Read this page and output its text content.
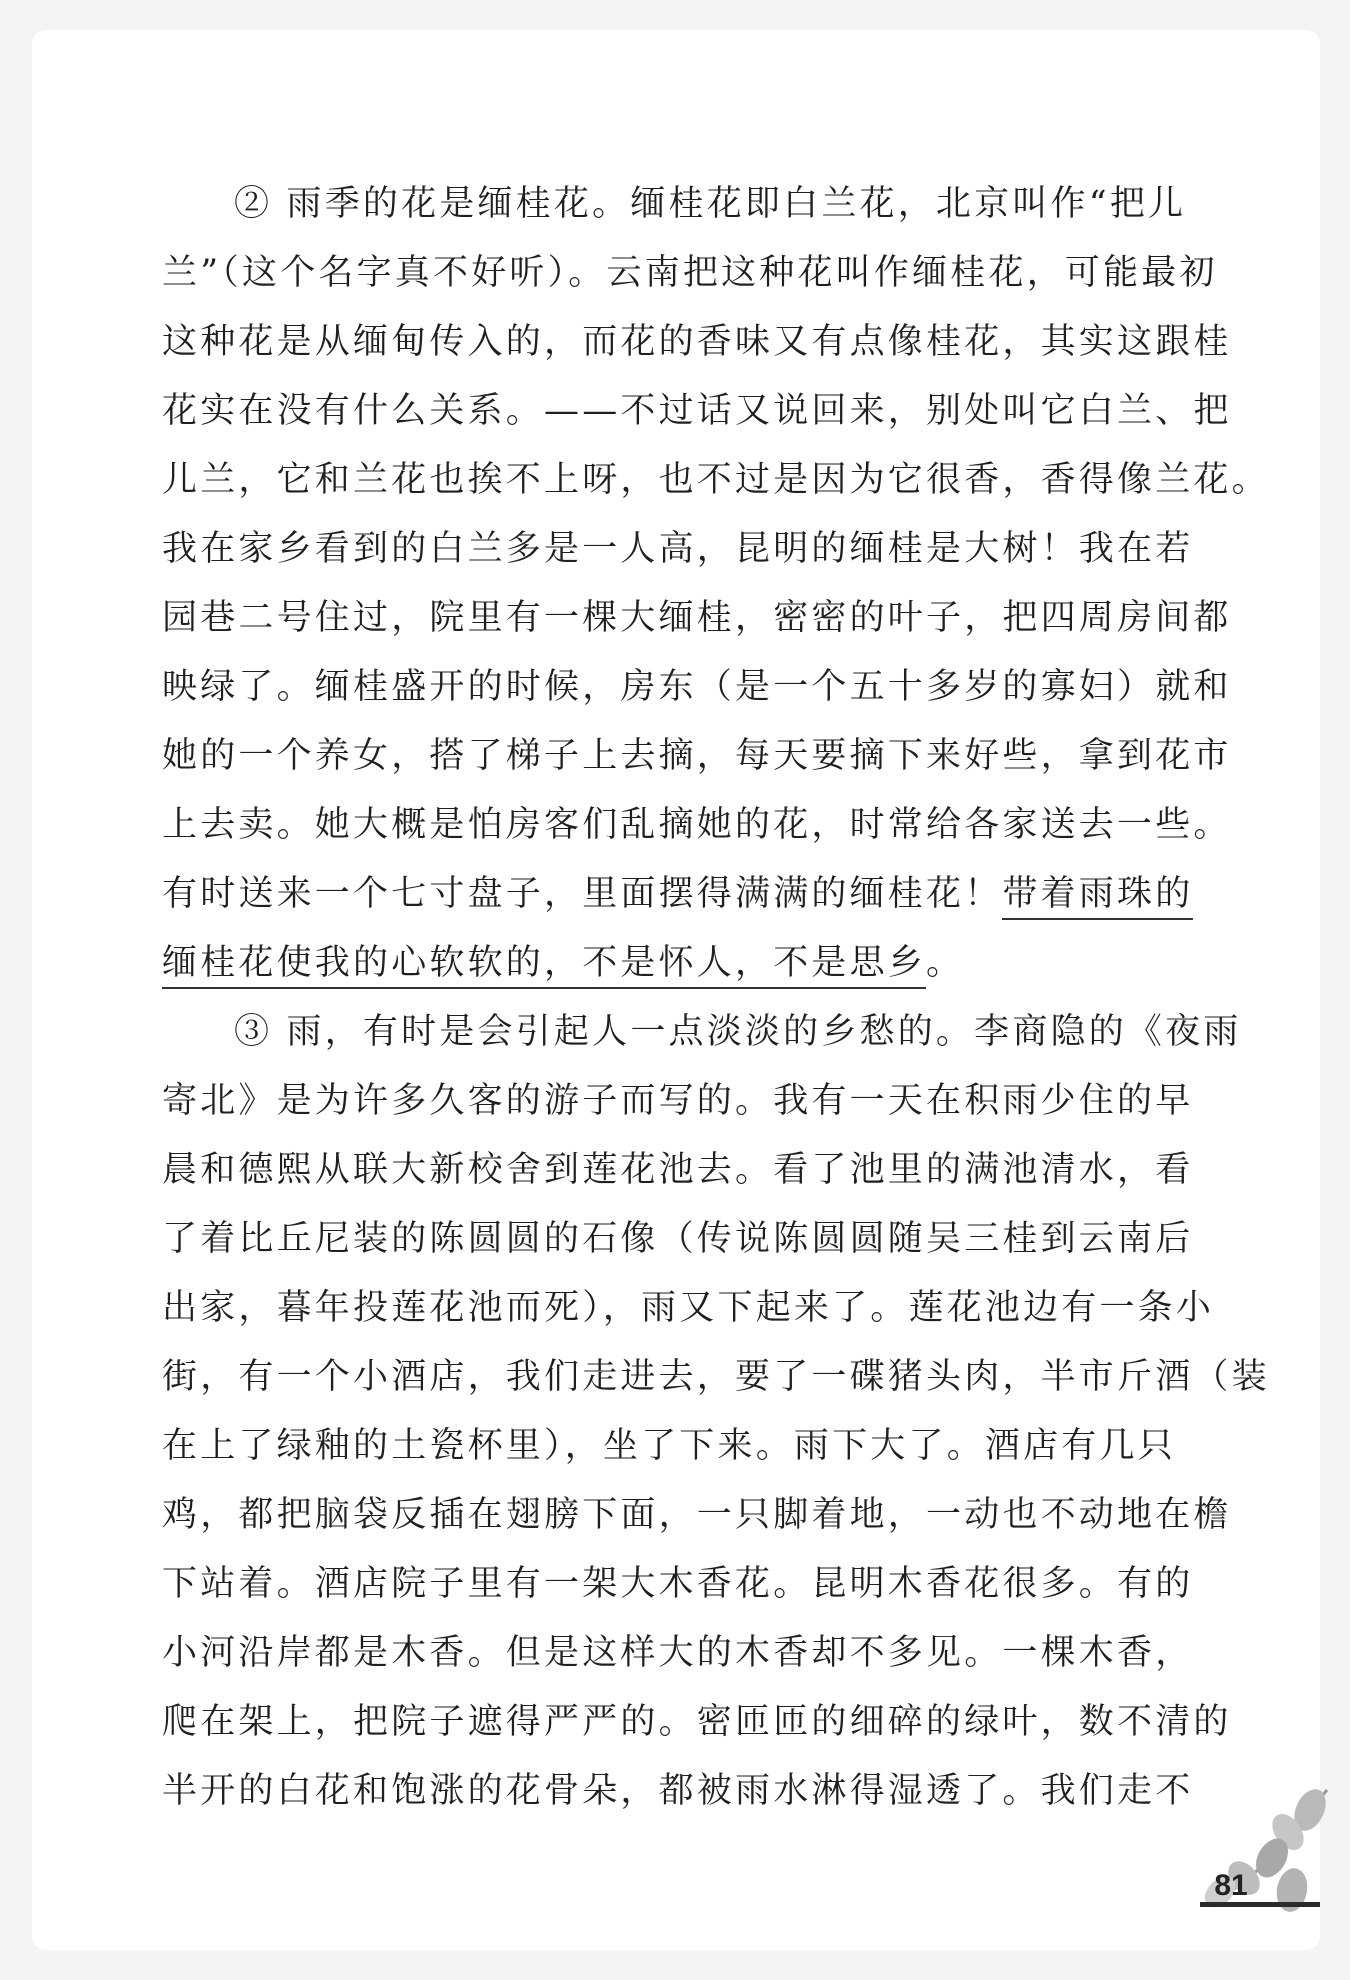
② 雨季的花是缅桂花。缅桂花即白兰花，北京叫作“把儿
兰”（这个名字真不好听）。云南把这种花叫作缅桂花，可能最初
这种花是从缅甸传入的，而花的香味又有点像桂花，其实这跟桂
花实在没有什么关系。——不过话又说回来，别处叫它白兰、把
儿兰，它和兰花也挨不上呀，也不过是因为它很香，香得像兰花。
我在家乡看到的白兰多是一人高，昆明的缅桂是大树！我在若
园巷二号住过，院里有一棵大缅桂，密密的叶子，把四周房间都
映绿了。缅桂盛开的时候，房东（是一个五十多岁的寡妇）就和
她的一个养女，搭了梯子上去摘，每天要摘下来好些，拿到花市
上去卖。她大概是怕房客们乱摘她的花，时常给各家送去一些。
有时送来一个七寸盘子，里面摆得满满的缅桂花！带着雨珠的
缅桂花使我的心软软的，不是怀人，不是思乡。
③ 雨，有时是会引起人一点淡淡的乡愁的。李商隐的《夜雨
寄北》是为许多久客的游子而写的。我有一天在积雨少住的早
晨和德熙从联大新校舍到莲花池去。看了池里的满池清水，看
了着比丘尼装的陈圆圆的石像（传说陈圆圆随吴三桂到云南后
出家，暮年投莲花池而死），雨又下起来了。莲花池边有一条小
街，有一个小酒店，我们走进去，要了一碟猪头肉，半市斤酒（装
在上了绿釉的土瓷杯里），坐了下来。雨下大了。酒店有几只
鸡，都把脑袋反插在翅膀下面，一只脚着地，一动也不动地在檐
下站着。酒店院子里有一架大木香花。昆明木香花很多。有的
小河沿岸都是木香。但是这样大的木香却不多见。一棵木香，
爬在架上，把院子遮得严严的。密匝匝的细碎的绿叶，数不清的
半开的白花和饱涨的花骨朵，都被雨水淋得湿透了。我们走不
81
